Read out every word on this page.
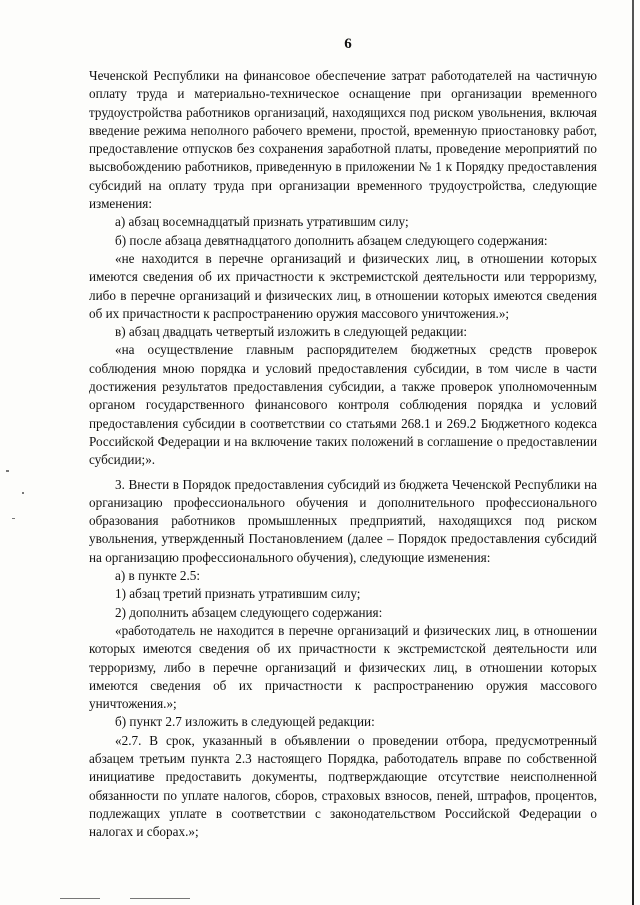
6

Чеченской Республики на финансовое обеспечение затрат работодателей на частичную оплату труда и материально-техническое оснащение при организации временного трудоустройства работников организаций, находящихся под риском увольнения, включая введение режима неполного рабочего времени, простой, временную приостановку работ, предоставление отпусков без сохранения заработной платы, проведение мероприятий по высвобождению работников, приведенную в приложении № 1 к Порядку предоставления субсидий на оплату труда при организации временного трудоустройства, следующие изменения:

а) абзац восемнадцатый признать утратившим силу;

б) после абзаца девятнадцатого дополнить абзацем следующего содержания:

«не находится в перечне организаций и физических лиц, в отношении которых имеются сведения об их причастности к экстремистской деятельности или терроризму, либо в перечне организаций и физических лиц, в отношении которых имеются сведения об их причастности к распространению оружия массового уничтожения.»;

в) абзац двадцать четвертый изложить в следующей редакции:

«на осуществление главным распорядителем бюджетных средств проверок соблюдения мною порядка и условий предоставления субсидии, в том числе в части достижения результатов предоставления субсидии, а также проверок уполномоченным органом государственного финансового контроля соблюдения порядка и условий предоставления субсидии в соответствии со статьями 268.1 и 269.2 Бюджетного кодекса Российской Федерации и на включение таких положений в соглашение о предоставлении субсидии;».

3. Внести в Порядок предоставления субсидий из бюджета Чеченской Республики на организацию профессионального обучения и дополнительного профессионального образования работников промышленных предприятий, находящихся под риском увольнения, утвержденный Постановлением (далее – Порядок предоставления субсидий на организацию профессионального обучения), следующие изменения:

а) в пункте 2.5:

1) абзац третий признать утратившим силу;

2) дополнить абзацем следующего содержания:

«работодатель не находится в перечне организаций и физических лиц, в отношении которых имеются сведения об их причастности к экстремистской деятельности или терроризму, либо в перечне организаций и физических лиц, в отношении которых имеются сведения об их причастности к распространению оружия массового уничтожения.»;

б) пункт 2.7 изложить в следующей редакции:

«2.7. В срок, указанный в объявлении о проведении отбора, предусмотренный абзацем третьим пункта 2.3 настоящего Порядка, работодатель вправе по собственной инициативе предоставить документы, подтверждающие отсутствие неисполненной обязанности по уплате налогов, сборов, страховых взносов, пеней, штрафов, процентов, подлежащих уплате в соответствии с законодательством Российской Федерации о налогах и сборах.»;
